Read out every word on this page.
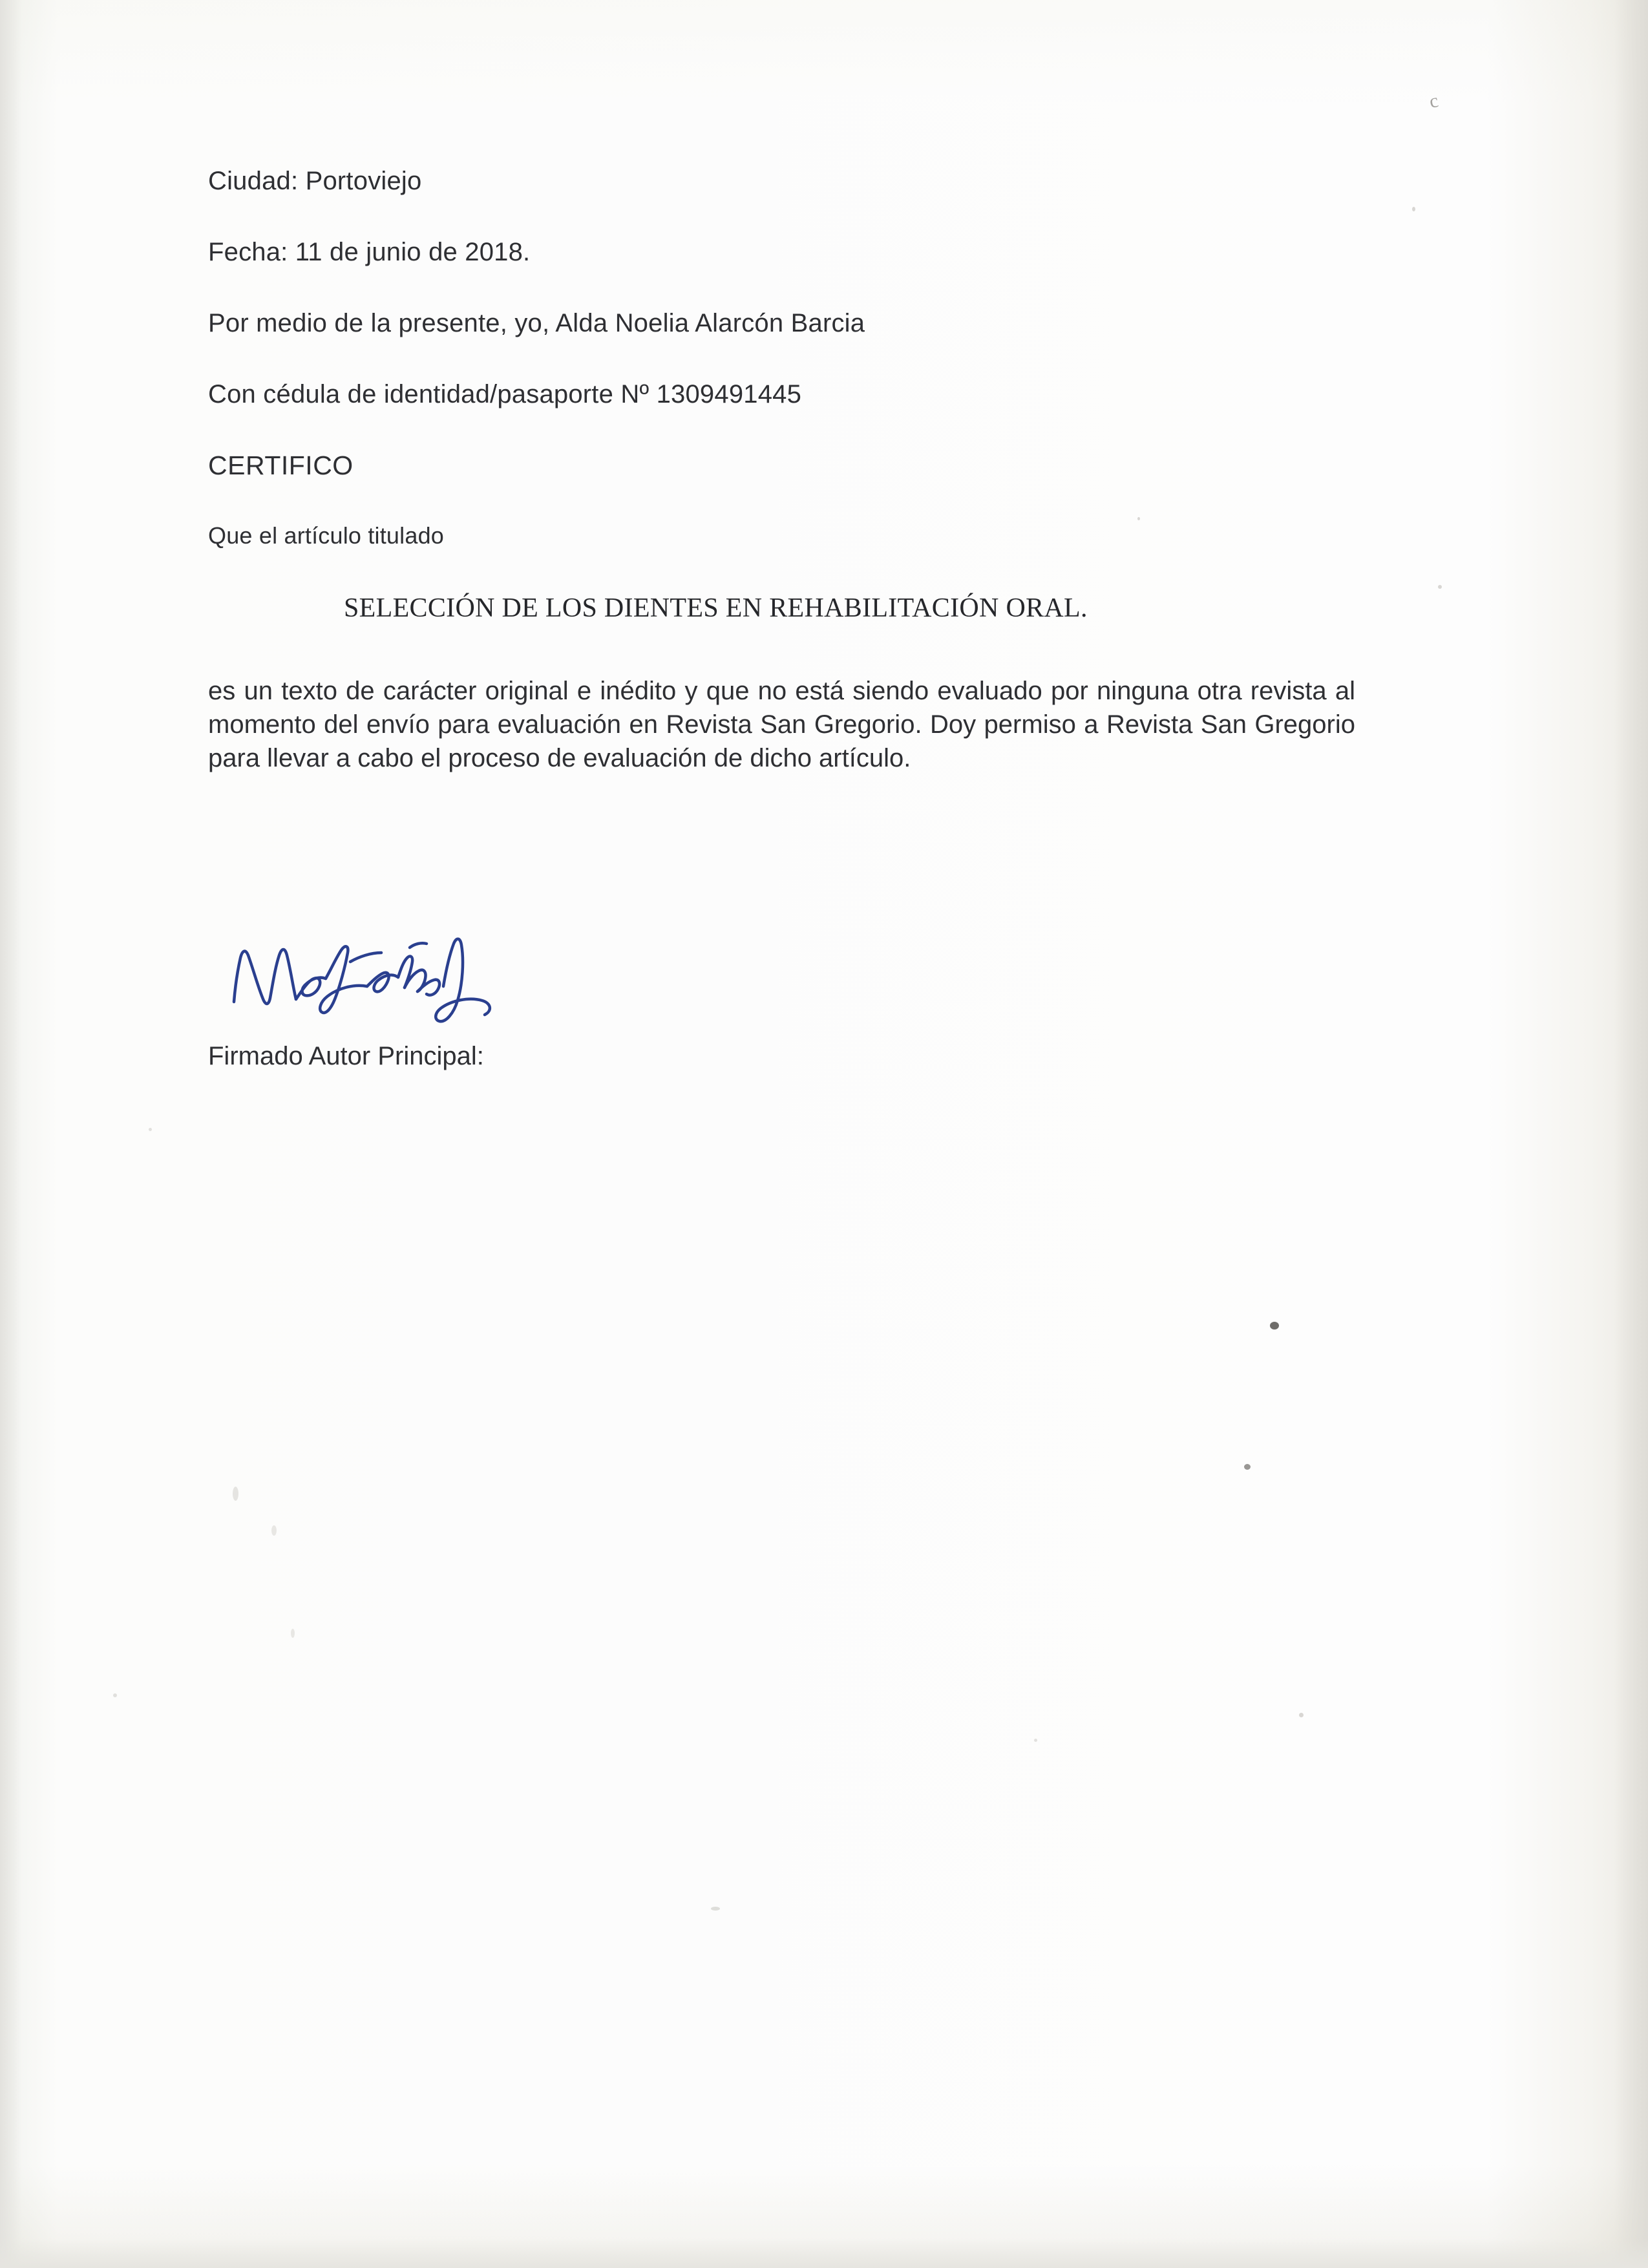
c
Ciudad: Portoviejo
Fecha: 11 de junio de 2018.
Por medio de la presente, yo, Alda Noelia Alarcón Barcia
Con cédula de identidad/pasaporte Nº 1309491445
CERTIFICO
Que el artículo titulado
SELECCIÓN DE LOS DIENTES EN REHABILITACIÓN ORAL.
es un texto de carácter original e inédito y que no está siendo evaluado por ninguna otra revista al momento del envío para evaluación en Revista San Gregorio. Doy permiso a Revista San Gregorio para llevar a cabo el proceso de evaluación de dicho artículo.
Firmado Autor Principal:
